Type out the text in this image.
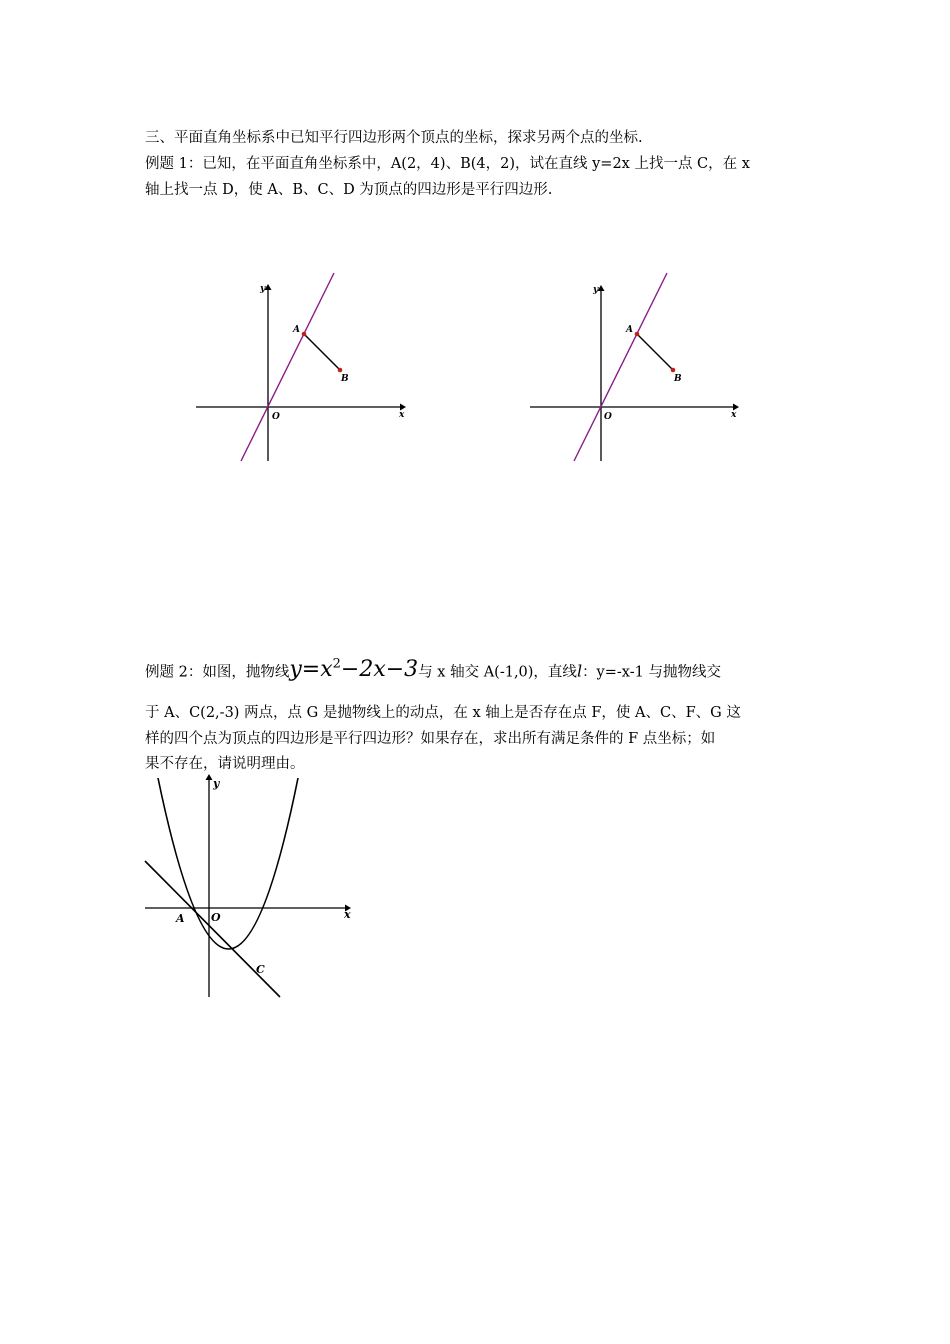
三、平面直角坐标系中已知平行四边形两个顶点的坐标，探求另两个点的坐标.
例题 1：已知，在平面直角坐标系中，A(2，4)、B(4，2)，试在直线 y=2x 上找一点 C，在 x
轴上找一点 D，使 A、B、C、D 为顶点的四边形是平行四边形.
y
x
O
A
B
y
x
O
A
B
例题 2：如图，抛物线$y=x^2-2x-3$与 x 轴交 A(-1,0)，直线l：y=-x-1 与抛物线交
于 A、C(2,-3) 两点，点 G 是抛物线上的动点，在 x 轴上是否存在点 F，使 A、C、F、G 这
样的四个点为顶点的四边形是平行四边形？如果存在，求出所有满足条件的 F 点坐标；如
果不存在，请说明理由。
y
x
O
A
C
